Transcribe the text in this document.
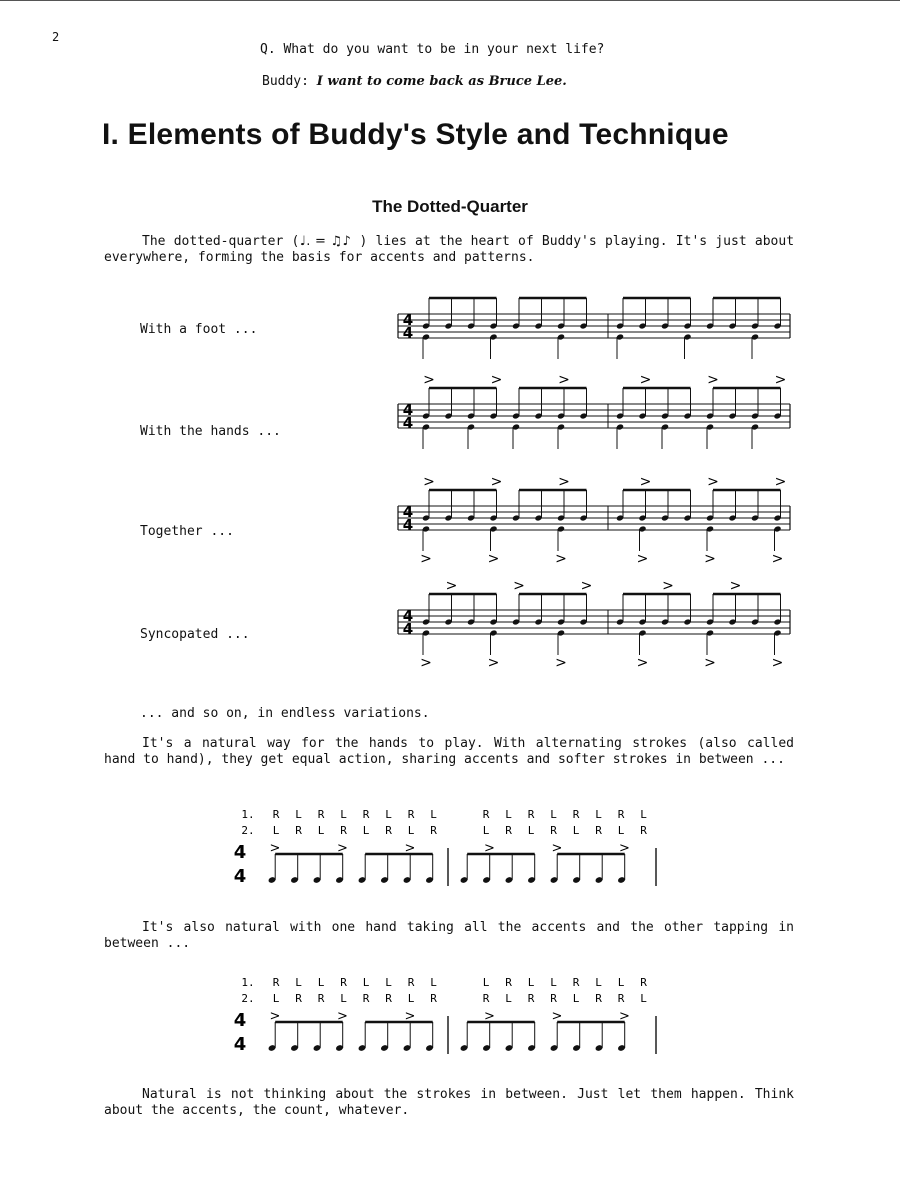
2
Q. What do you want to be in your next life?
Buddy: I want to come back as Bruce Lee.
I. Elements of Buddy's Style and Technique
The Dotted-Quarter
The dotted-quarter (♩. = ♫♪ ) lies at the heart of Buddy's playing. It's just about everywhere, forming the basis for accents and patterns.
With a foot ...
With the hands ...
Together ...
Syncopated ...
4
4
4
4
>	>	>	>	>	>
4
4
>	>	>
>	>	>
>	>	>
>	>	>
4
4
>	>	>
>	>	>
>	>
>	>	>
... and so on, in endless variations.
It's a natural way for the hands to play. With alternating strokes (also called hand to hand), they get equal action, sharing accents and softer strokes in between ...
1. R L R L R L R L	R L R L R L R L
2. L R L R L R L R	L R L R L R L R
4
4
>	>	>	>	>	>
It's also natural with one hand taking all the accents and the other tapping in between ...
1. R L L R L L R L	L R L L R L L R
2. L R R L R R L R	R L R R L R R L
4
4
>	>	>	>	>	>
Natural is not thinking about the strokes in between. Just let them happen. Think about the accents, the count, whatever.
